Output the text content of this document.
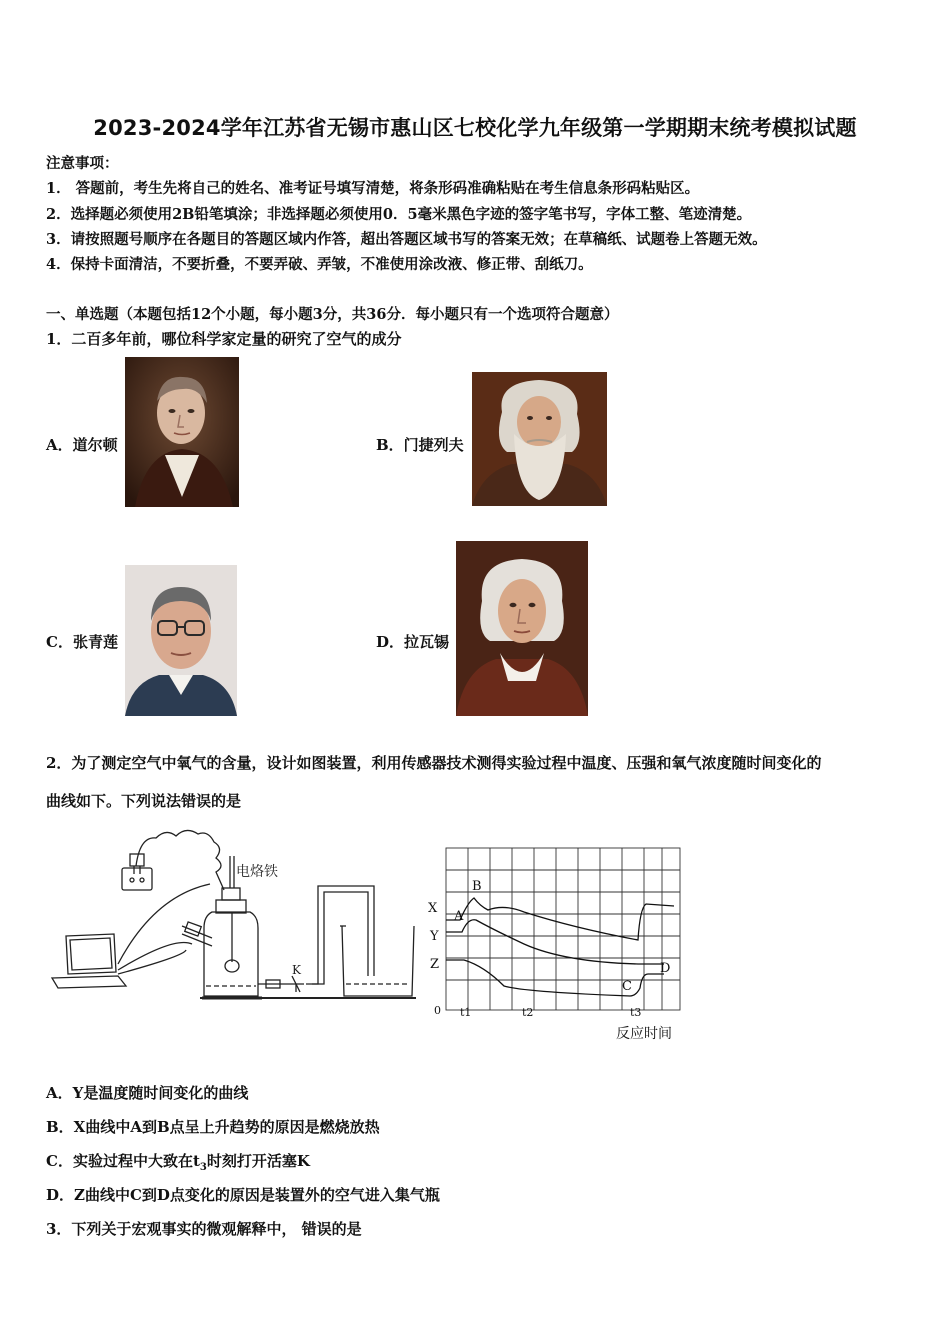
2023-2024学年江苏省无锡市惠山区七校化学九年级第一学期期末统考模拟试题
注意事项：
1． 答题前，考生先将自己的姓名、准考证号填写清楚，将条形码准确粘贴在考生信息条形码粘贴区。
2．选择题必须使用2B铅笔填涂；非选择题必须使用0．5毫米黑色字迹的签字笔书写，字体工整、笔迹清楚。
3．请按照题号顺序在各题目的答题区域内作答，超出答题区域书写的答案无效；在草稿纸、试题卷上答题无效。
4．保持卡面清洁，不要折叠，不要弄破、弄皱，不准使用涂改液、修正带、刮纸刀。
一、单选题（本题包括12个小题，每小题3分，共36分．每小题只有一个选项符合题意）
1．二百多年前，哪位科学家定量的研究了空气的成分
A．道尔顿	B．门捷列夫
C．张青莲	D．拉瓦锡
2．为了测定空气中氧气的含量，设计如图装置，利用传感器技术测得实验过程中温度、压强和氧气浓度随时间变化的
曲线如下。下列说法错误的是
电烙铁
K
X
Y
Z
A
B
C
D
0 t1	t2	t3
反应时间
A．Y是温度随时间变化的曲线
B．X曲线中A到B点呈上升趋势的原因是燃烧放热
C．实验过程中大致在$t_3$时刻打开活塞K
D．Z曲线中C到D点变化的原因是装置外的空气进入集气瓶
3．下列关于宏观事实的微观解释中， 错误的是
